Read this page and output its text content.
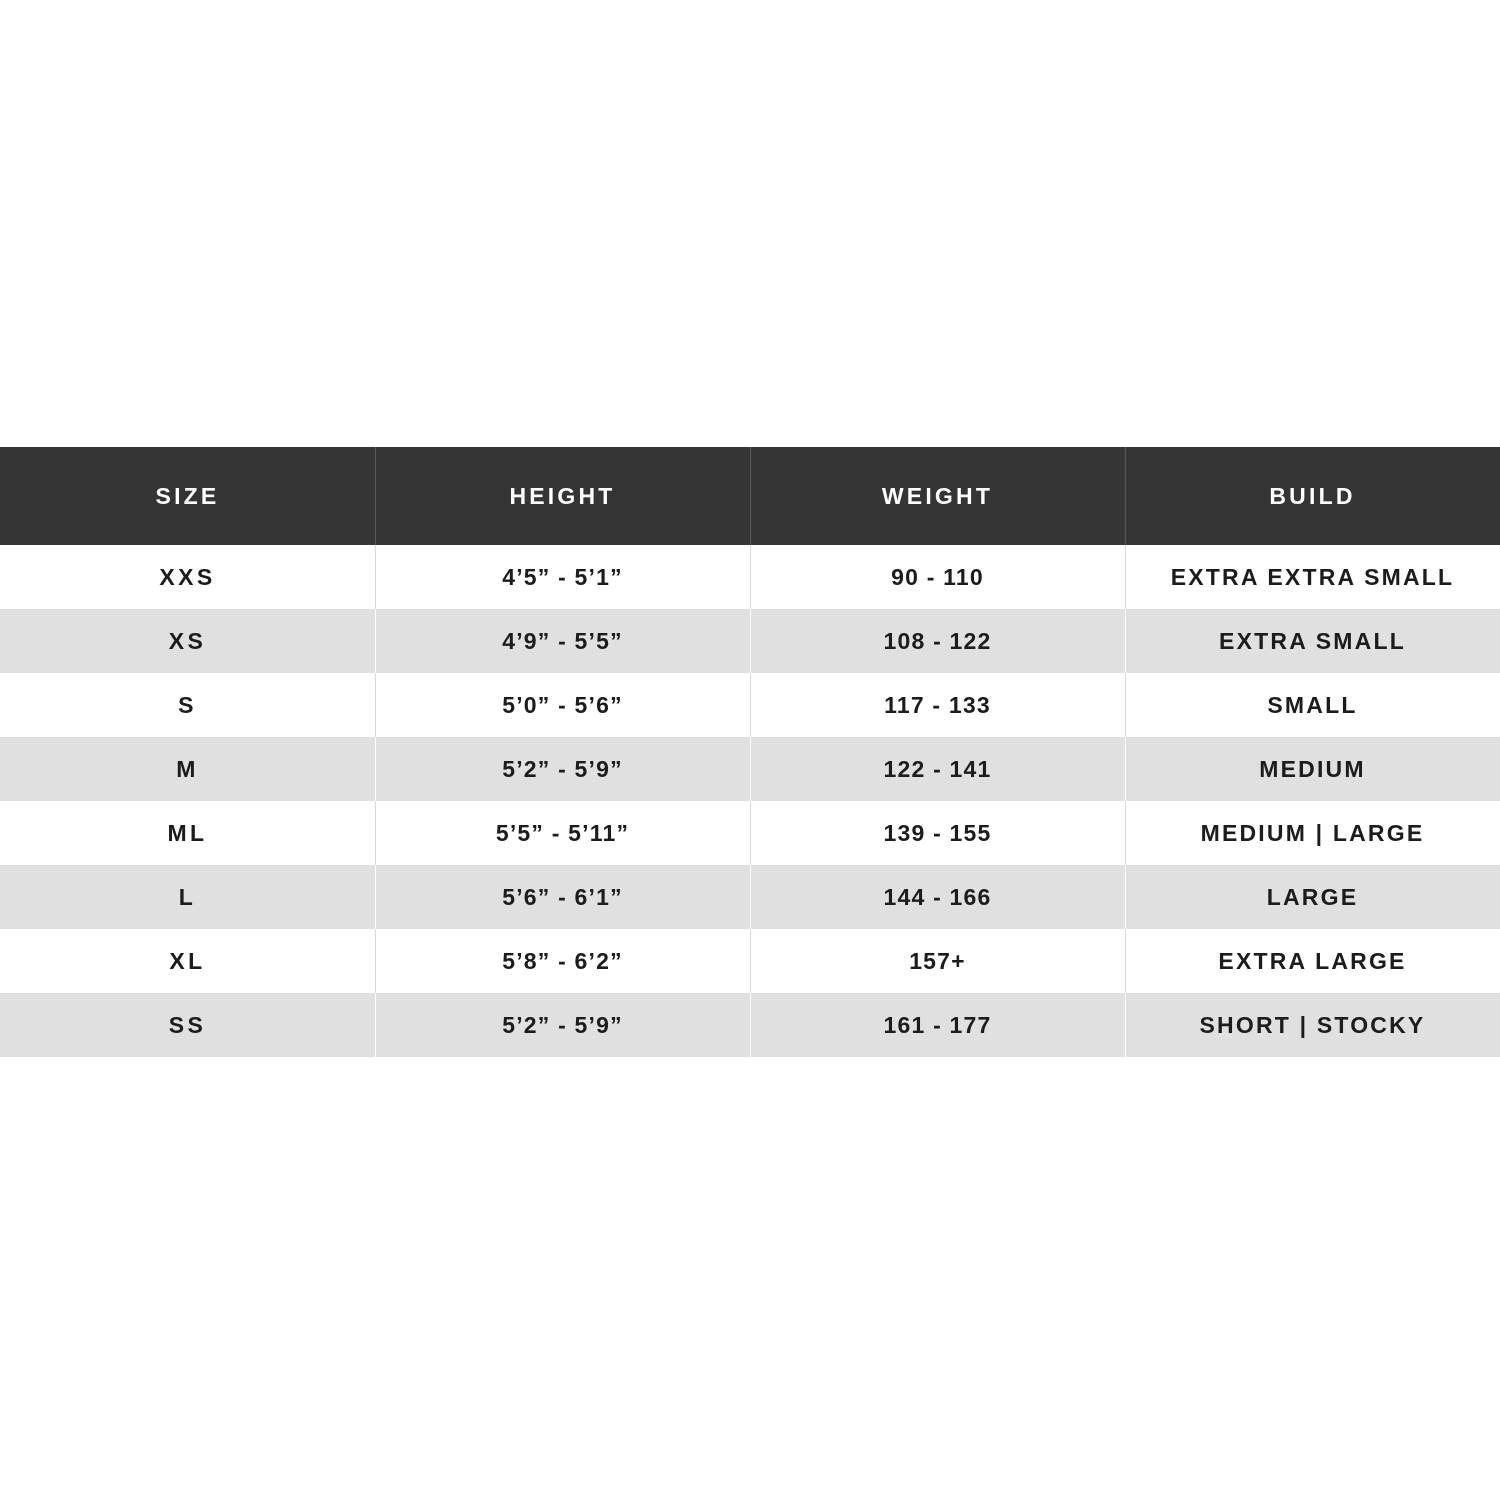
SIZE	HEIGHT	WEIGHT	BUILD
XXS	4’5” - 5’1”	90 - 110	EXTRA EXTRA SMALL
XS	4’9” - 5’5”	108 - 122	EXTRA SMALL
S	5’0” - 5’6”	117 - 133	SMALL
M	5’2” - 5’9”	122 - 141	MEDIUM
ML	5’5” - 5’11”	139 - 155	MEDIUM | LARGE
L	5’6” - 6’1”	144 - 166	LARGE
XL	5’8” - 6’2”	157+	EXTRA LARGE
SS	5’2” - 5’9”	161 - 177	SHORT | STOCKY
